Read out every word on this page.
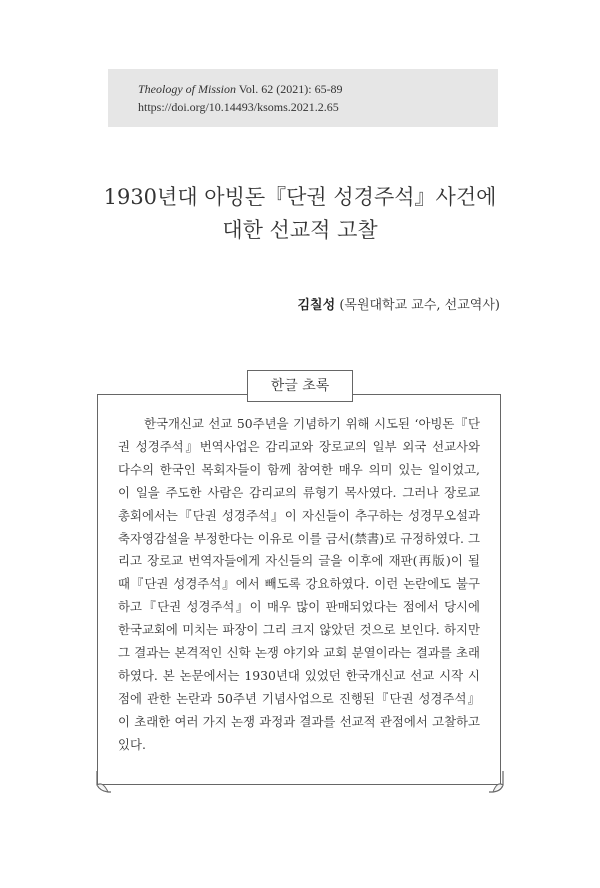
Theology of Mission Vol. 62 (2021): 65-89
https://doi.org/10.14493/ksoms.2021.2.65
1930년대 아빙돈『단권 성경주석』사건에
대한 선교적 고찰
김칠성 (목원대학교 교수, 선교역사)
한글 초록
한국개신교 선교 50주년을 기념하기 위해 시도된 ‘아빙돈『단권 성경주석』번역사업은 감리교와 장로교의 일부 외국 선교사와 다수의 한국인 목회자들이 함께 참여한 매우 의미 있는 일이었고, 이 일을 주도한 사람은 감리교의 류형기 목사였다. 그러나 장로교 총회에서는『단권 성경주석』이 자신들이 추구하는 성경무오설과 축자영감설을 부정한다는 이유로 이를 금서(禁書)로 규정하였다. 그리고 장로교 번역자들에게 자신들의 글을 이후에 재판(再版)이 될 때『단권 성경주석』에서 빼도록 강요하였다. 이런 논란에도 불구하고『단권 성경주석』이 매우 많이 판매되었다는 점에서 당시에 한국교회에 미치는 파장이 그리 크지 않았던 것으로 보인다. 하지만 그 결과는 본격적인 신학 논쟁 야기와 교회 분열이라는 결과를 초래하였다. 본 논문에서는 1930년대 있었던 한국개신교 선교 시작 시점에 관한 논란과 50주년 기념사업으로 진행된『단권 성경주석』이 초래한 여러 가지 논쟁 과정과 결과를 선교적 관점에서 고찰하고 있다.
